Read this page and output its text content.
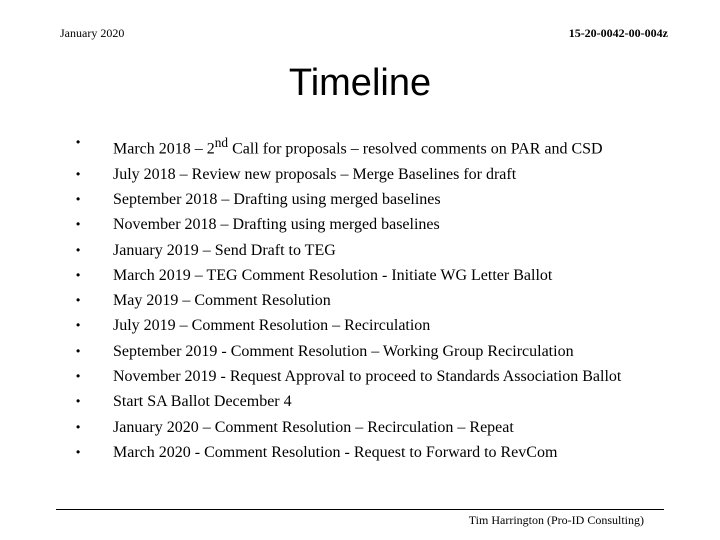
January 2020	15-20-0042-00-004z
Timeline
• March 2018 – 2nd Call for proposals – resolved comments on PAR and CSD
• July 2018 – Review new proposals – Merge Baselines for draft
• September 2018 – Drafting using merged baselines
• November 2018 – Drafting using merged baselines
• January 2019 – Send Draft to TEG
• March 2019 – TEG Comment Resolution - Initiate WG Letter Ballot
• May 2019 – Comment Resolution
• July 2019 – Comment Resolution – Recirculation
• September 2019 - Comment Resolution – Working Group Recirculation
• November 2019 - Request Approval to proceed to Standards Association Ballot
• Start SA Ballot December 4
• January 2020 – Comment Resolution – Recirculation – Repeat
• March 2020 - Comment Resolution - Request to Forward to RevCom
Tim Harrington (Pro-ID Consulting)
